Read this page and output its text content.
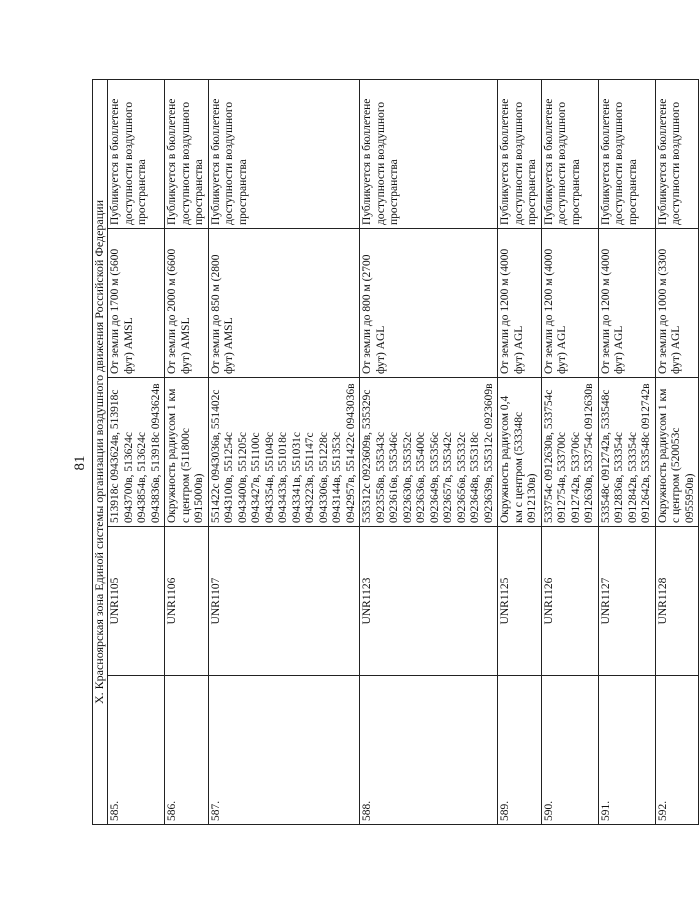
81 X. Красноярская зона Единой системы организации воздушного движения Российской Федерации				
585.	UNR1105	513918с 0943624в, 513918с 0943700в, 513624с 0943854в, 513624с 0943836в, 513918с 0943624в	От земли до 1700 м (5600 фут) AMSL	Публикуется в бюллетене доступности воздушного пространства
586.	UNR1106	Окружность радиусом 1 км с центром (511800с 0915000в)	От земли до 2000 м (6600 фут) AMSL	Публикуется в бюллетене доступности воздушного пространства
587.	UNR1107	551422с 0943036в, 551402с 0943100в, 551254с 0943400в, 551205с 0943427в, 551100с 0943354в, 551049с 0943433в, 551018с 0943341в, 551031с 0943223в, 551147с 0943306в, 551228с 0943144в, 551353с 0942957в, 551422с 0943036в	От земли до 850 м (2800 фут) AMSL	Публикуется в бюллетене доступности воздушного пространства
588.	UNR1123	535312с 0923609в, 535329с 0923558в, 535343с 0923616в, 535346с 0923630в, 535352с 0923636в, 535400с 0923649в, 535356с 0923657в, 535342с 0923656в, 535332с 0923648в, 535318с 0923639в, 535312с 0923609в	От земли до 800 м (2700 фут) AGL	Публикуется в бюллетене доступности воздушного пространства
589.	UNR1125	Окружность радиусом 0,4 км с центром (533348с 0912130в)	От земли до 1200 м (4000 фут) AGL	Публикуется в бюллетене доступности воздушного пространства
590.	UNR1126	533754с 0912630в, 533754с 0912754в, 533700с 0912742в, 533706с 0912630в, 533754с 0912630в	От земли до 1200 м (4000 фут) AGL	Публикуется в бюллетене доступности воздушного пространства
591.	UNR1127	533548с 0912742в, 533548с 0912836в, 533354с 0912842в, 533354с 0912642в, 533548с 0912742в	От земли до 1200 м (4000 фут) AGL	Публикуется в бюллетене доступности воздушного пространства
592.	UNR1128	Окружность радиусом 1 км с центром (520053с 0955950в)	От земли до 1000 м (3300 фут) AGL	Публикуется в бюллетене доступности воздушного
